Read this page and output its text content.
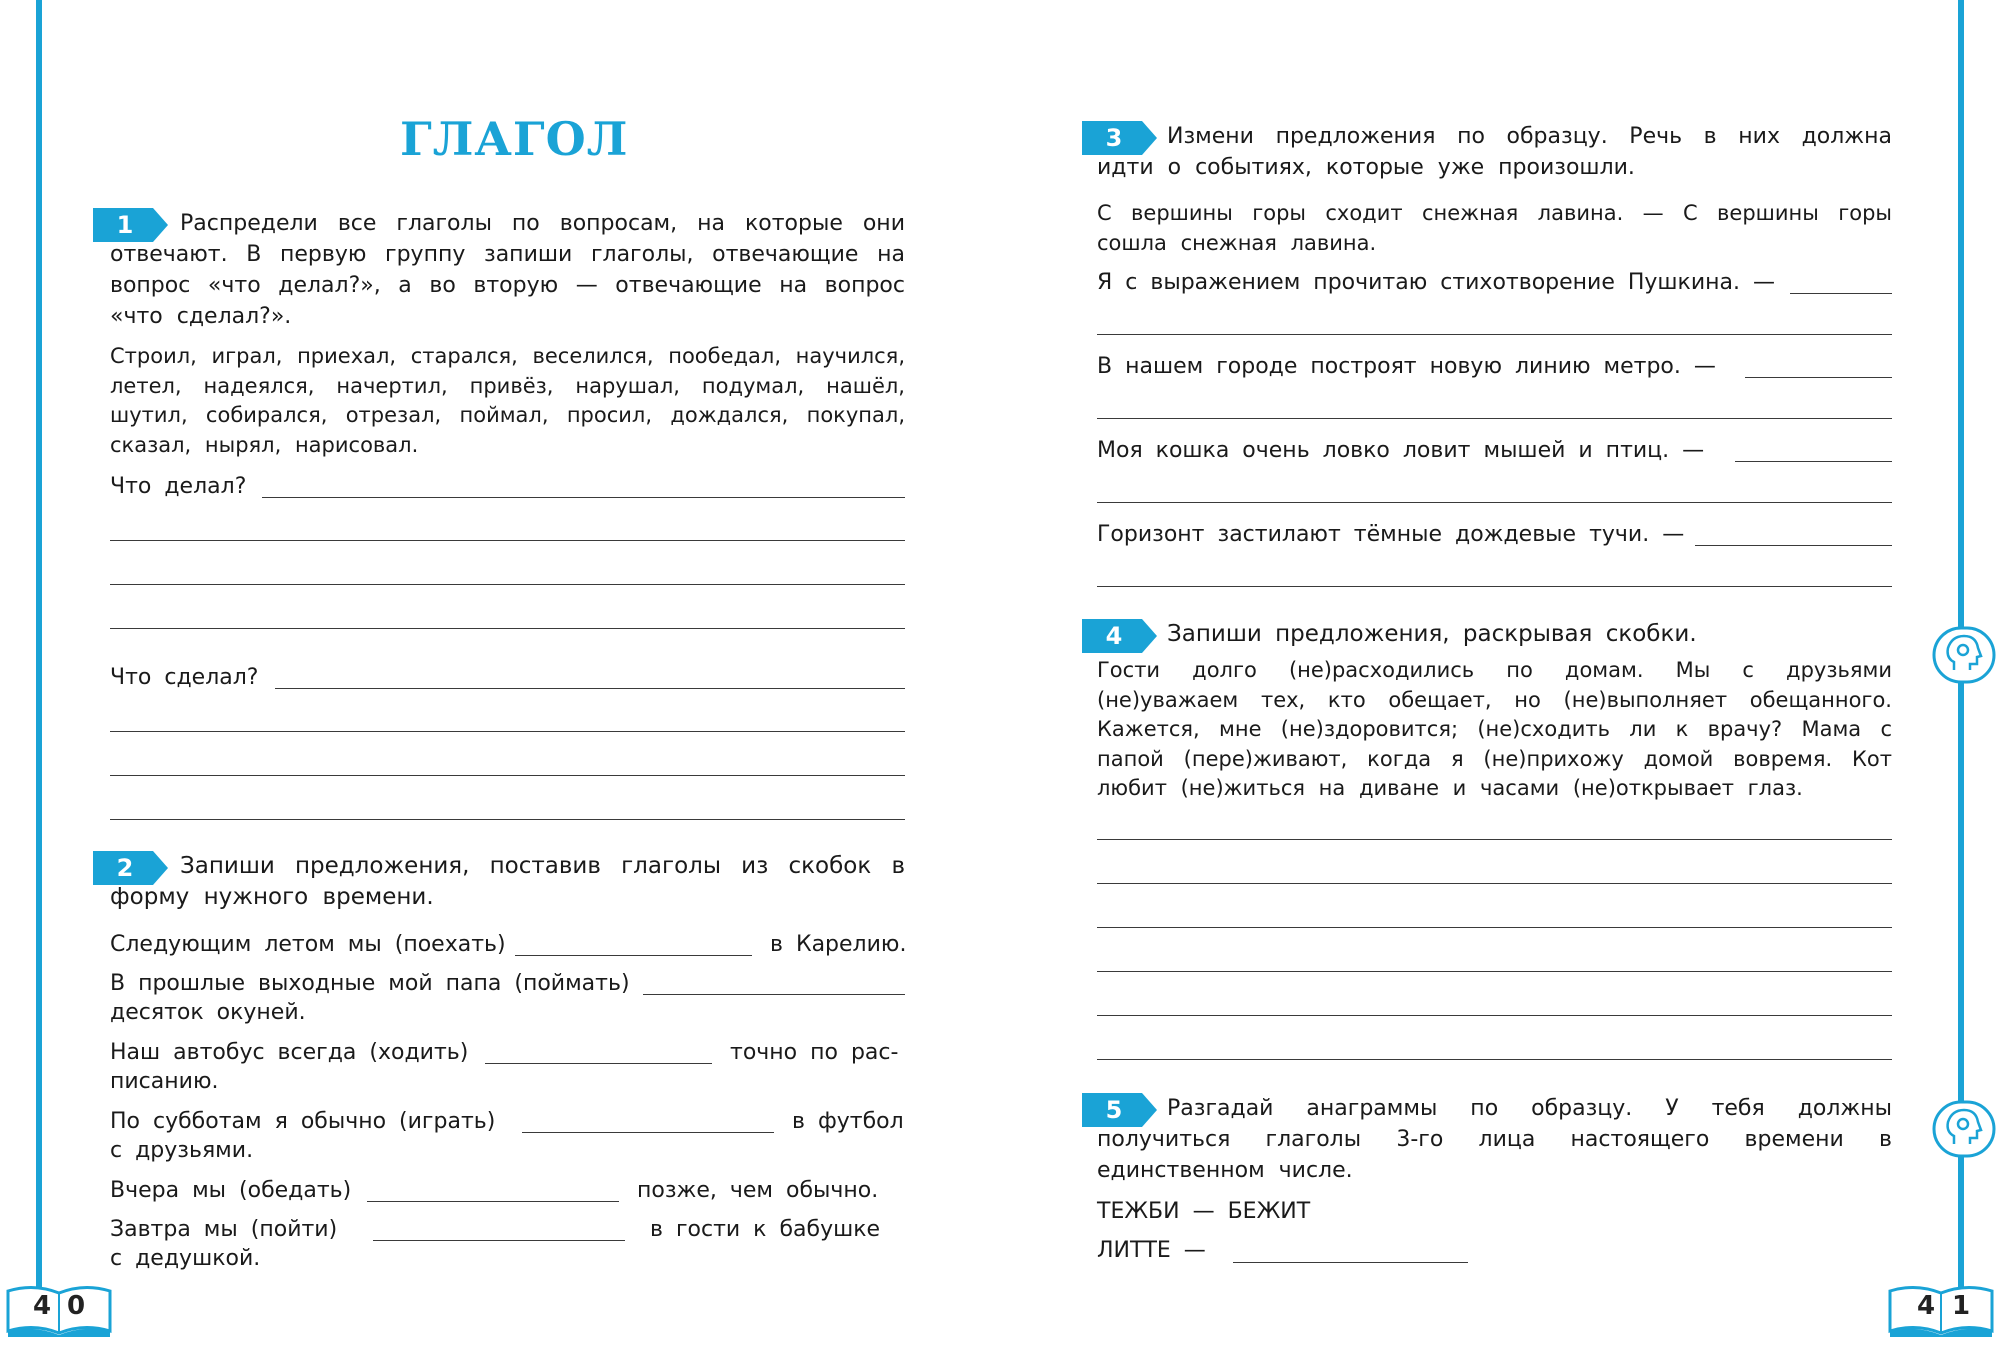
ГЛАГОЛ
1	Распредели все глаголы по вопросам, на которые они отвечают. В первую группу запиши глаголы, отвечающие на вопрос «что делал?», а во вторую — отвечающие на вопрос «что сделал?».
Строил, играл, приехал, старался, веселился, пообедал, научился, летел, надеялся, начертил, привёз, нарушал, подумал, нашёл, шутил, собирался, отрезал, поймал, просил, дождался, покупал, сказал, нырял, нарисовал.
Что делал?
Что сделал?
2	Запиши предложения, поставив глаголы из скобок в форму нужного времени.
Следующим летом мы (поехать)	в Карелию.
В прошлые выходные мой папа (поймать)
десяток окуней.
Наш автобус всегда (ходить)	точно по рас-
писанию.
По субботам я обычно (играть)	в футбол
с друзьями.
Вчера мы (обедать)	позже, чем обычно.
Завтра мы (пойти)	в гости к бабушке
с дедушкой.
4 0
3	Измени предложения по образцу. Речь в них должна идти о событиях, которые уже произошли.
С вершины горы сходит снежная лавина. — С вершины горы сошла снежная лавина.
Я с выражением прочитаю стихотворение Пушкина. —
В нашем городе построят новую линию метро. —
Моя кошка очень ловко ловит мышей и птиц. —
Горизонт застилают тёмные дождевые тучи. —
4	Запиши предложения, раскрывая скобки.
Гости долго (не)расходились по домам. Мы с друзьями (не)уважаем тех, кто обещает, но (не)выполняет обещанного. Кажется, мне (не)здоровится; (не)сходить ли к врачу? Мама с папой (пере)живают, когда я (не)прихожу домой вовремя. Кот любит (не)житься на диване и часами (не)открывает глаз.
5	Разгадай анаграммы по образцу. У тебя должны получиться глаголы 3-го лица настоящего времени в единственном числе.
ТЕЖБИ — БЕЖИТ
ЛИТТЕ —
4 1
